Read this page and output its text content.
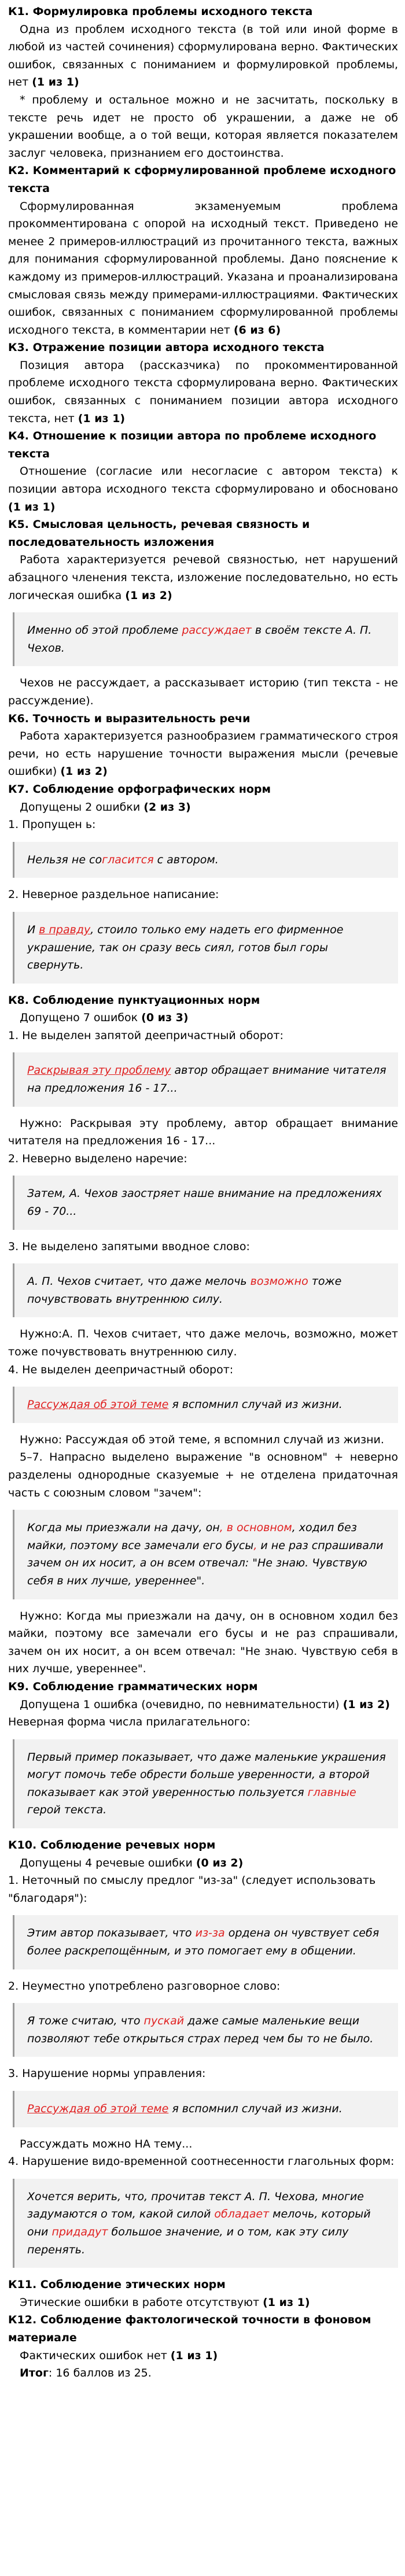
К1. Формулировка проблемы исходного текста
Одна из проблем исходного текста (в той или иной форме в любой из частей сочинения) сформулирована верно. Фактических ошибок, связанных с пониманием и формулировкой проблемы, нет (1 из 1)
* проблему и остальное можно и не засчитать, поскольку в тексте речь идет не просто об украшении, а даже не об украшении вообще, а о той вещи, которая является показателем заслуг человека, признанием его достоинства.
К2. Комментарий к сформулированной проблеме исходного текста
Сформулированная экзаменуемым проблема прокомментирована с опорой на исходный текст. Приведено не менее 2 примеров-иллюстраций из прочитанного текста, важных для понимания сформулированной проблемы. Дано пояснение к каждому из примеров-иллюстраций. Указана и проанализирована смысловая связь между примерами-иллюстрациями. Фактических ошибок, связанных с пониманием сформулированной проблемы исходного текста, в комментарии нет (6 из 6)
К3. Отражение позиции автора исходного текста
Позиция автора (рассказчика) по прокомментированной проблеме исходного текста сформулирована верно. Фактических ошибок, связанных с пониманием позиции автора исходного текста, нет (1 из 1)
К4. Отношение к позиции автора по проблеме исходного текста
Отношение (согласие или несогласие с автором текста) к позиции автора исходного текста сформулировано и обосновано (1 из 1)
К5. Смысловая цельность, речевая связность и последовательность изложения
Работа характеризуется речевой связностью, нет нарушений абзацного членения текста, изложение последовательно, но есть логическая ошибка (1 из 2)
Именно об этой проблеме рассуждает в своём тексте А. П. Чехов.
Чехов не рассуждает, а рассказывает историю (тип текста - не рассуждение).
К6. Точность и выразительность речи
Работа характеризуется разнообразием грамматического строя речи, но есть нарушение точности выражения мысли (речевые ошибки) (1 из 2)
К7. Соблюдение орфографических норм
Допущены 2 ошибки (2 из 3)
1. Пропущен ь:
Нельзя не согласится с автором.
2. Неверное раздельное написание:
И в правду, стоило только ему надеть его фирменное украшение, так он сразу весь сиял, готов был горы свернуть.
К8. Соблюдение пунктуационных норм
Допущено 7 ошибок (0 из 3)
1. Не выделен запятой деепричастный оборот:
Раскрывая эту проблему автор обращает внимание читателя на предложения 16 - 17...
Нужно: Раскрывая эту проблему, автор обращает внимание читателя на предложения 16 - 17...
2. Неверно выделено наречие:
Затем, А. Чехов заостряет наше внимание на предложениях 69 - 70...
3. Не выделено запятыми вводное слово:
А. П. Чехов считает, что даже мелочь возможно тоже почувствовать внутреннюю силу.
Нужно:А. П. Чехов считает, что даже мелочь, возможно, может тоже почувствовать внутреннюю силу.
4. Не выделен деепричастный оборот:
Рассуждая об этой теме я вспомнил случай из жизни.
Нужно: Рассуждая об этой теме, я вспомнил случай из жизни.
5–7. Напрасно выделено выражение "в основном" + неверно разделены однородные сказуемые + не отделена придаточная часть с союзным словом "зачем":
Когда мы приезжали на дачу, он, в основном, ходил без майки, поэтому все замечали его бусы, и не раз спрашивали зачем он их носит, а он всем отвечал: "Не знаю. Чувствую себя в них лучше, увереннее".
Нужно: Когда мы приезжали на дачу, он в основном ходил без майки, поэтому все замечали его бусы и не раз спрашивали, зачем он их носит, а он всем отвечал: "Не знаю. Чувствую себя в них лучше, увереннее".
К9. Соблюдение грамматических норм
Допущена 1 ошибка (очевидно, по невнимательности) (1 из 2)
Неверная форма числа прилагательного:
Первый пример показывает, что даже маленькие украшения могут помочь тебе обрести больше уверенности, а второй показывает как этой уверенностью пользуется главные герой текста.
К10. Соблюдение речевых норм
Допущены 4 речевые ошибки (0 из 2)
1. Неточный по смыслу предлог "из-за" (следует использовать "благодаря"):
Этим автор показывает, что из-за ордена он чувствует себя более раскрепощённым, и это помогает ему в общении.
2. Неуместно употреблено разговорное слово:
Я тоже считаю, что пускай даже самые маленькие вещи позволяют тебе открыться страх перед чем бы то не было.
3. Нарушение нормы управления:
Рассуждая об этой теме я вспомнил случай из жизни.
Рассуждать можно НА тему...
4. Нарушение видо-временной соотнесенности глагольных форм:
Хочется верить, что, прочитав текст А. П. Чехова, многие задумаются о том, какой силой обладает мелочь, который они придадут большое значение, и о том, как эту силу перенять.
К11. Соблюдение этических норм
Этические ошибки в работе отсутствуют (1 из 1)
К12. Соблюдение фактологической точности в фоновом материале
Фактических ошибок нет (1 из 1)
Итог: 16 баллов из 25.
